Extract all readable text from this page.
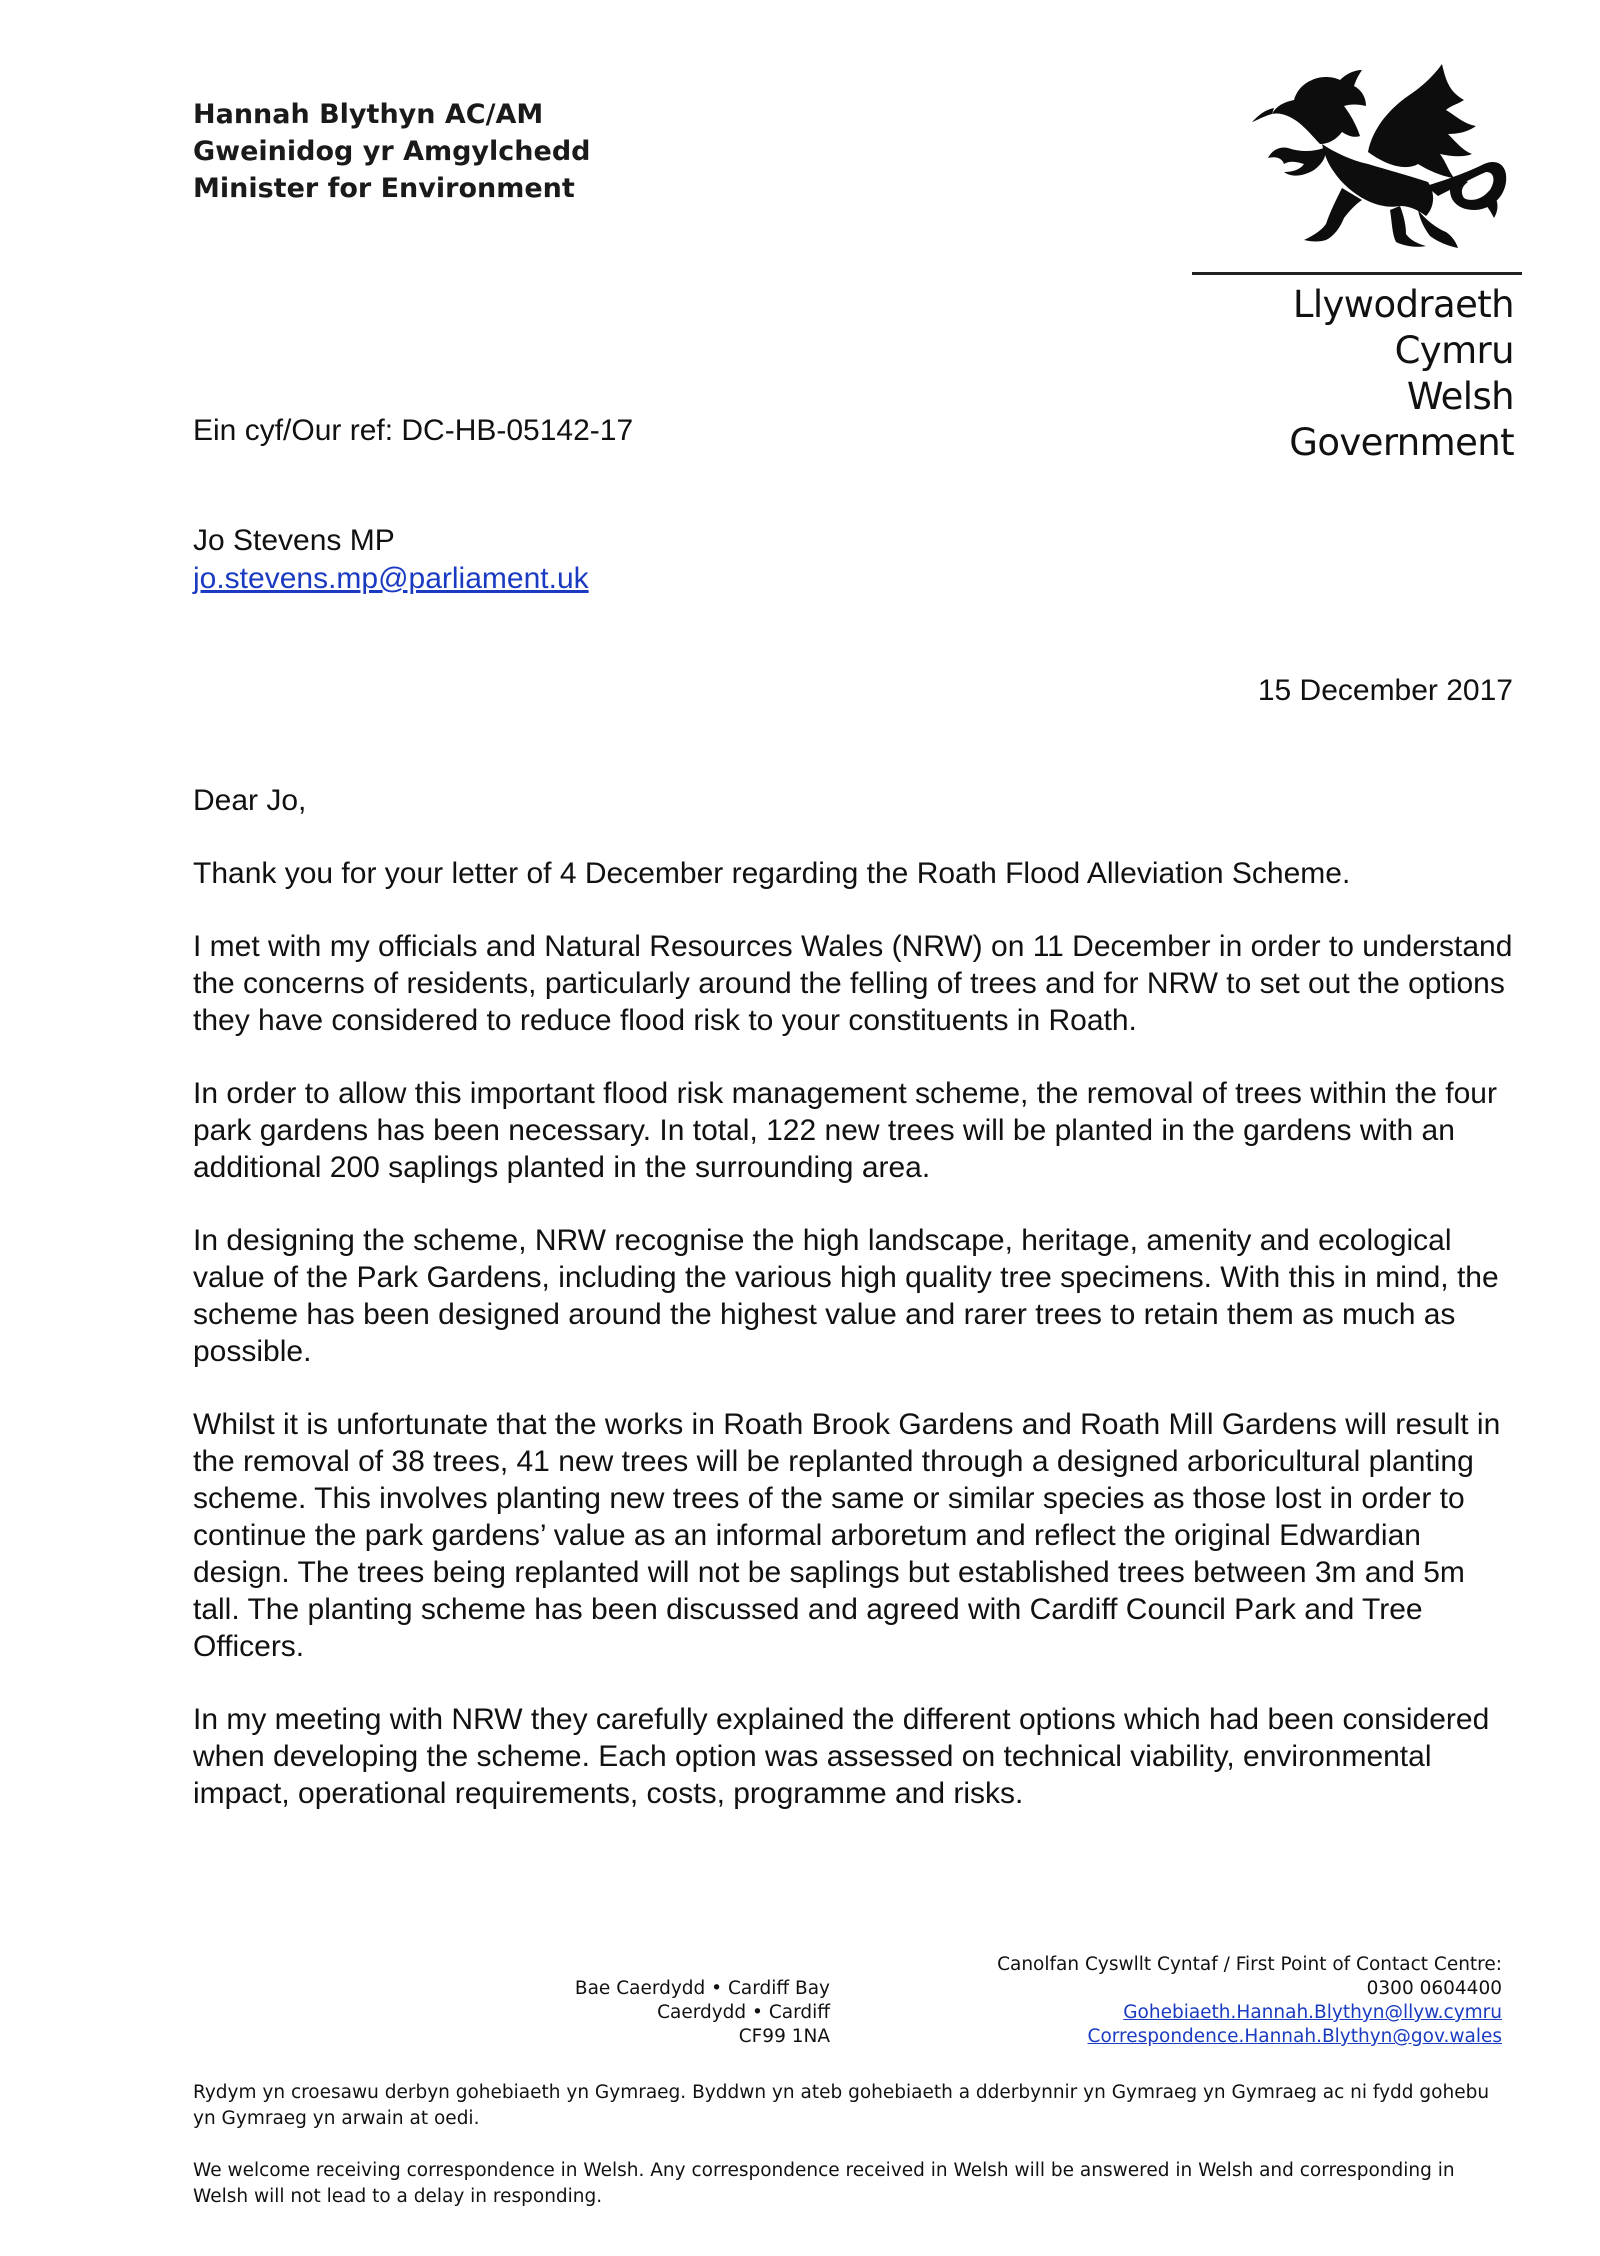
Hannah Blythyn AC/AM
Gweinidog yr Amgylchedd
Minister for Environment
Llywodraeth Cymru
Welsh Government
Ein cyf/Our ref: DC-HB-05142-17
Jo Stevens MP
jo.stevens.mp@parliament.uk
15 December 2017

Dear Jo,

Thank you for your letter of 4 December regarding the Roath Flood Alleviation Scheme.

I met with my officials and Natural Resources Wales (NRW) on 11 December in order to understand the concerns of residents, particularly around the felling of trees and for NRW to set out the options they have considered to reduce flood risk to your constituents in Roath.

In order to allow this important flood risk management scheme, the removal of trees within the four park gardens has been necessary. In total, 122 new trees will be planted in the gardens with an additional 200 saplings planted in the surrounding area.

In designing the scheme, NRW recognise the high landscape, heritage, amenity and ecological value of the Park Gardens, including the various high quality tree specimens. With this in mind, the scheme has been designed around the highest value and rarer trees to retain them as much as possible.

Whilst it is unfortunate that the works in Roath Brook Gardens and Roath Mill Gardens will result in the removal of 38 trees, 41 new trees will be replanted through a designed arboricultural planting scheme. This involves planting new trees of the same or similar species as those lost in order to continue the park gardens’ value as an informal arboretum and reflect the original Edwardian design. The trees being replanted will not be saplings but established trees between 3m and 5m tall. The planting scheme has been discussed and agreed with Cardiff Council Park and Tree Officers.

In my meeting with NRW they carefully explained the different options which had been considered when developing the scheme. Each option was assessed on technical viability, environmental impact, operational requirements, costs, programme and risks.

Bae Caerdydd • Cardiff Bay
Caerdydd • Cardiff
CF99 1NA
Canolfan Cyswllt Cyntaf / First Point of Contact Centre:
0300 0604400
Gohebiaeth.Hannah.Blythyn@llyw.cymru
Correspondence.Hannah.Blythyn@gov.wales
Rydym yn croesawu derbyn gohebiaeth yn Gymraeg. Byddwn yn ateb gohebiaeth a dderbynnir yn Gymraeg yn Gymraeg ac ni fydd gohebu yn Gymraeg yn arwain at oedi.
We welcome receiving correspondence in Welsh. Any correspondence received in Welsh will be answered in Welsh and corresponding in Welsh will not lead to a delay in responding.
